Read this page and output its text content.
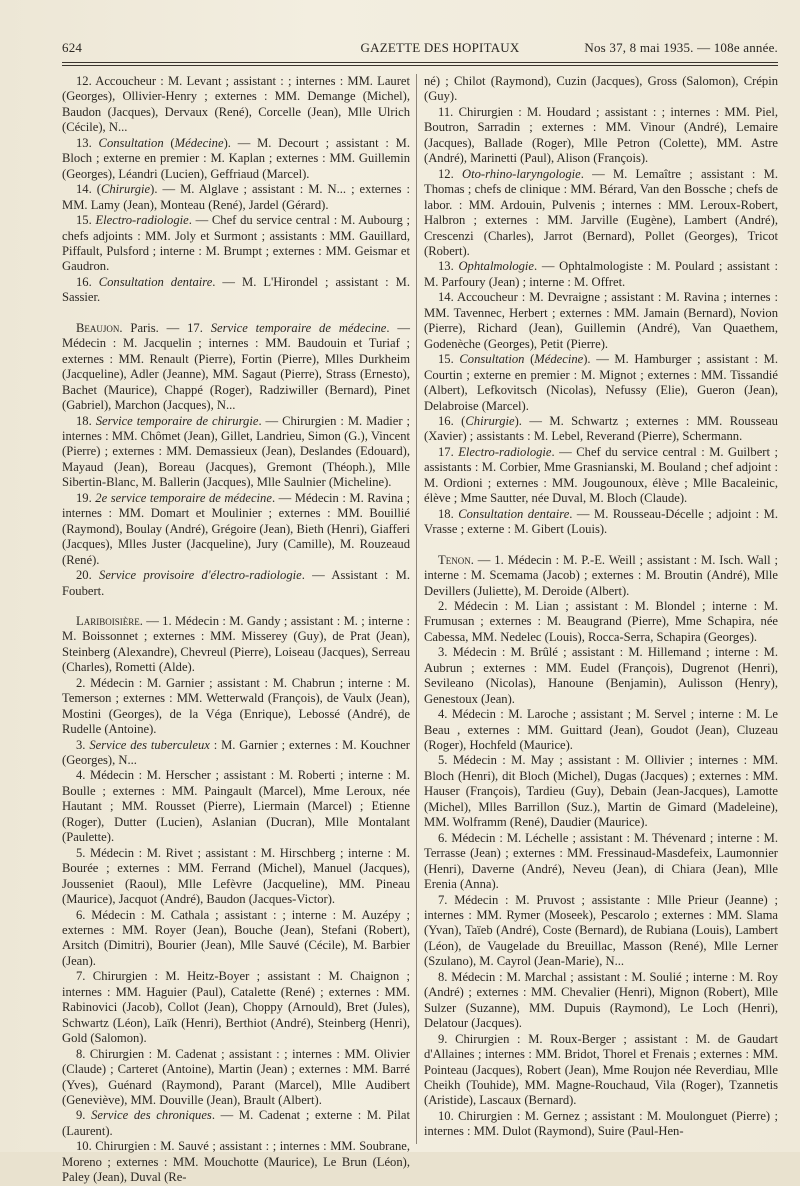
624	GAZETTE DES HOPITAUX	Nos 37, 8 mai 1935. — 108e année.

12. Accoucheur : M. Levant ; assistant : ; internes : MM. Lauret (Georges), Ollivier-Henry ; externes : MM. Demange (Michel), Baudon (Jacques), Dervaux (René), Corcelle (Jean), Mlle Ulrich (Cécile), N...

13. Consultation (Médecine). — M. Decourt ; assistant : M. Bloch ; externe en premier : M. Kaplan ; externes : MM. Guillemin (Georges), Léandri (Lucien), Geffriaud (Marcel).

14. (Chirurgie). — M. Alglave ; assistant : M. N... ; externes : MM. Lamy (Jean), Monteau (René), Jardel (Gérard).

15. Electro-radiologie. — Chef du service central : M. Aubourg ; chefs adjoints : MM. Joly et Surmont ; assistants : MM. Gauillard, Piffault, Pulsford ; interne : M. Brumpt ; externes : MM. Geismar et Gaudron.

16. Consultation dentaire. — M. L'Hirondel ; assistant : M. Sassier.

Beaujon. Paris. — 17. Service temporaire de médecine. — Médecin : M. Jacquelin ; internes : MM. Baudouin et Turiaf ; externes : MM. Renault (Pierre), Fortin (Pierre), Mlles Durkheim (Jacqueline), Adler (Jeanne), MM. Sagaut (Pierre), Strass (Ernesto), Bachet (Maurice), Chappé (Roger), Radziwiller (Bernard), Pinet (Gabriel), Marchon (Jacques), N...

18. Service temporaire de chirurgie. — Chirurgien : M. Madier ; internes : MM. Chômet (Jean), Gillet, Landrieu, Simon (G.), Vincent (Pierre) ; externes : MM. Demassieux (Jean), Deslandes (Edouard), Mayaud (Jean), Boreau (Jacques), Gremont (Théoph.), Mlle Sibertin-Blanc, M. Ballerin (Jacques), Mlle Saulnier (Micheline).

19. 2e service temporaire de médecine. — Médecin : M. Ravina ; internes : MM. Domart et Moulinier ; externes : MM. Bouillié (Raymond), Boulay (André), Grégoire (Jean), Bieth (Henri), Giafferi (Jacques), Mlles Juster (Jacqueline), Jury (Camille), M. Rouzeaud (René).

20. Service provisoire d'électro-radiologie. — Assistant : M. Foubert.

Lariboisière. — 1. Médecin : M. Gandy ; assistant : M. ; interne : M. Boissonnet ; externes : MM. Misserey (Guy), de Prat (Jean), Steinberg (Alexandre), Chevreul (Pierre), Loiseau (Jacques), Serreau (Charles), Rometti (Alde).

2. Médecin : M. Garnier ; assistant : M. Chabrun ; interne : M. Temerson ; externes : MM. Wetterwald (François), de Vaulx (Jean), Mostini (Georges), de la Véga (Enrique), Lebossé (André), de Rudelle (Antoine).

3. Service des tuberculeux : M. Garnier ; externes : M. Kouchner (Georges), N...

4. Médecin : M. Herscher ; assistant : M. Roberti ; interne : M. Boulle ; externes : MM. Paingault (Marcel), Mme Leroux, née Hautant ; MM. Rousset (Pierre), Liermain (Marcel) ; Etienne (Roger), Dutter (Lucien), Aslanian (Ducran), Mlle Montalant (Paulette).

5. Médecin : M. Rivet ; assistant : M. Hirschberg ; interne : M. Bourée ; externes : MM. Ferrand (Michel), Manuel (Jacques), Jousseniet (Raoul), Mlle Lefèvre (Jacqueline), MM. Pineau (Maurice), Jacquot (André), Baudon (Jacques-Victor).

6. Médecin : M. Cathala ; assistant : ; interne : M. Auzépy ; externes : MM. Royer (Jean), Bouche (Jean), Stefani (Robert), Arsitch (Dimitri), Bourier (Jean), Mlle Sauvé (Cécile), M. Barbier (Jean).

7. Chirurgien : M. Heitz-Boyer ; assistant : M. Chaignon ; internes : MM. Haguier (Paul), Catalette (René) ; externes : MM. Rabinovici (Jacob), Collot (Jean), Choppy (Arnould), Bret (Jules), Schwartz (Léon), Laïk (Henri), Berthiot (André), Steinberg (Henri), Gold (Salomon).

8. Chirurgien : M. Cadenat ; assistant : ; internes : MM. Olivier (Claude) ; Carteret (Antoine), Martin (Jean) ; externes : MM. Barré (Yves), Guénard (Raymond), Parant (Marcel), Mlle Audibert (Geneviève), MM. Douville (Jean), Brault (Albert).

9. Service des chroniques. — M. Cadenat ; externe : M. Pilat (Laurent).

10. Chirurgien : M. Sauvé ; assistant : ; internes : MM. Soubrane, Moreno ; externes : MM. Mouchotte (Maurice), Le Brun (Léon), Paley (Jean), Duval (Re-

né) ; Chilot (Raymond), Cuzin (Jacques), Gross (Salomon), Crépin (Guy).

11. Chirurgien : M. Houdard ; assistant : ; internes : MM. Piel, Boutron, Sarradin ; externes : MM. Vinour (André), Lemaire (Jacques), Ballade (Roger), Mlle Petron (Colette), MM. Astre (André), Marinetti (Paul), Alison (François).

12. Oto-rhino-laryngologie. — M. Lemaître ; assistant : M. Thomas ; chefs de clinique : MM. Bérard, Van den Bossche ; chefs de labor. : MM. Ardouin, Pulvenis ; internes : MM. Leroux-Robert, Halbron ; externes : MM. Jarville (Eugène), Lambert (André), Crescenzi (Charles), Jarrot (Bernard), Pollet (Georges), Tricot (Robert).

13. Ophtalmologie. — Ophtalmologiste : M. Poulard ; assistant : M. Parfoury (Jean) ; interne : M. Offret.

14. Accoucheur : M. Devraigne ; assistant : M. Ravina ; internes : MM. Tavennec, Herbert ; externes : MM. Jamain (Bernard), Novion (Pierre), Richard (Jean), Guillemin (André), Van Quaethem, Godenèche (Georges), Petit (Pierre).

15. Consultation (Médecine). — M. Hamburger ; assistant : M. Courtin ; externe en premier : M. Mignot ; externes : MM. Tissandié (Albert), Lefkovitsch (Nicolas), Nefussy (Elie), Gueron (Jean), Delabroise (Marcel).

16. (Chirurgie). — M. Schwartz ; externes : MM. Rousseau (Xavier) ; assistants : M. Lebel, Reverand (Pierre), Schermann.

17. Electro-radiologie. — Chef du service central : M. Guilbert ; assistants : M. Corbier, Mme Grasnianski, M. Bouland ; chef adjoint : M. Ordioni ; externes : MM. Jougounoux, élève ; Mlle Bacaleinic, élève ; Mme Sautter, née Duval, M. Bloch (Claude).

18. Consultation dentaire. — M. Rousseau-Décelle ; adjoint : M. Vrasse ; externe : M. Gibert (Louis).

Tenon. — 1. Médecin : M. P.-E. Weill ; assistant : M. Isch. Wall ; interne : M. Scemama (Jacob) ; externes : M. Broutin (André), Mlle Devillers (Juliette), M. Deroide (Albert).

2. Médecin : M. Lian ; assistant : M. Blondel ; interne : M. Frumusan ; externes : M. Beaugrand (Pierre), Mme Schapira, née Cabessa, MM. Nedelec (Louis), Rocca-Serra, Schapira (Georges).

3. Médecin : M. Brûlé ; assistant : M. Hillemand ; interne : M. Aubrun ; externes : MM. Eudel (François), Dugrenot (Henri), Sevileano (Nicolas), Hanoune (Benjamin), Aulisson (Henry), Genestoux (Jean).

4. Médecin : M. Laroche ; assistant ; M. Servel ; interne : M. Le Beau , externes : MM. Guittard (Jean), Goudot (Jean), Cluzeau (Roger), Hochfeld (Maurice).

5. Médecin : M. May ; assistant : M. Ollivier ; internes : MM. Bloch (Henri), dit Bloch (Michel), Dugas (Jacques) ; externes : MM. Hauser (François), Tardieu (Guy), Debain (Jean-Jacques), Lamotte (Michel), Mlles Barrillon (Suz.), Martin de Gimard (Madeleine), MM. Wolframm (René), Daudier (Maurice).

6. Médecin : M. Léchelle ; assistant : M. Thévenard ; interne : M. Terrasse (Jean) ; externes : MM. Fressinaud-Masdefeix, Laumonnier (Henri), Daverne (André), Neveu (Jean), di Chiara (Jean), Mlle Erenia (Anna).

7. Médecin : M. Pruvost ; assistante : Mlle Prieur (Jeanne) ; internes : MM. Rymer (Moseek), Pescarolo ; externes : MM. Slama (Yvan), Taïeb (André), Coste (Bernard), de Rubiana (Louis), Lambert (Léon), de Vaugelade du Breuillac, Masson (René), Mlle Lerner (Szulano), M. Cayrol (Jean-Marie), N...

8. Médecin : M. Marchal ; assistant : M. Soulié ; interne : M. Roy (André) ; externes : MM. Chevalier (Henri), Mignon (Robert), Mlle Sulzer (Suzanne), MM. Dupuis (Raymond), Le Loch (Henri), Delatour (Jacques).

9. Chirurgien : M. Roux-Berger ; assistant : M. de Gaudart d'Allaines ; internes : MM. Bridot, Thorel et Frenais ; externes : MM. Pointeau (Jacques), Robert (Jean), Mme Roujon née Reverdiau, Mlle Cheikh (Touhide), MM. Magne-Rouchaud, Vila (Roger), Tzannetis (Aristide), Lascaux (Bernard).

10. Chirurgien : M. Gernez ; assistant : M. Moulonguet (Pierre) ; internes : MM. Dulot (Raymond), Suire (Paul-Hen-
